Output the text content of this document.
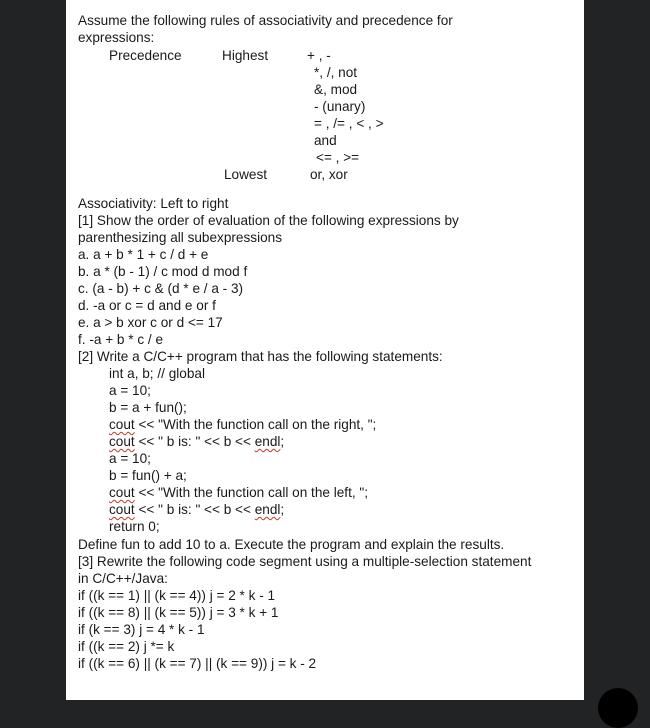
Assume the following rules of associativity and precedence for
expressions:
Precedence	Highest
Lowest
+ , -
*, /, not
&, mod
- (unary)
= , /= , < , >
and
<= , >=
or, xor
Associativity: Left to right
[1] Show the order of evaluation of the following expressions by
parenthesizing all subexpressions
a. a + b * 1 + c / d + e
b. a * (b - 1) / c mod d mod f
c. (a - b) + c & (d * e / a - 3)
d. -a or c = d and e or f
e. a > b xor c or d <= 17
f. -a + b * c / e
[2] Write a C/C++ program that has the following statements:
int a, b; // global
a = 10;
b = a + fun();
cout << "With the function call on the right, ";
cout << " b is: " << b << endl;
a = 10;
b = fun() + a;
cout << "With the function call on the left, ";
cout << " b is: " << b << endl;
return 0;
Define fun to add 10 to a. Execute the program and explain the results.
[3] Rewrite the following code segment using a multiple-selection statement
in C/C++/Java:
if ((k == 1) || (k == 4)) j = 2 * k - 1
if ((k == 8) || (k == 5)) j = 3 * k + 1
if (k == 3) j = 4 * k - 1
if ((k == 2) j *= k
if ((k == 6) || (k == 7) || (k == 9)) j = k - 2
